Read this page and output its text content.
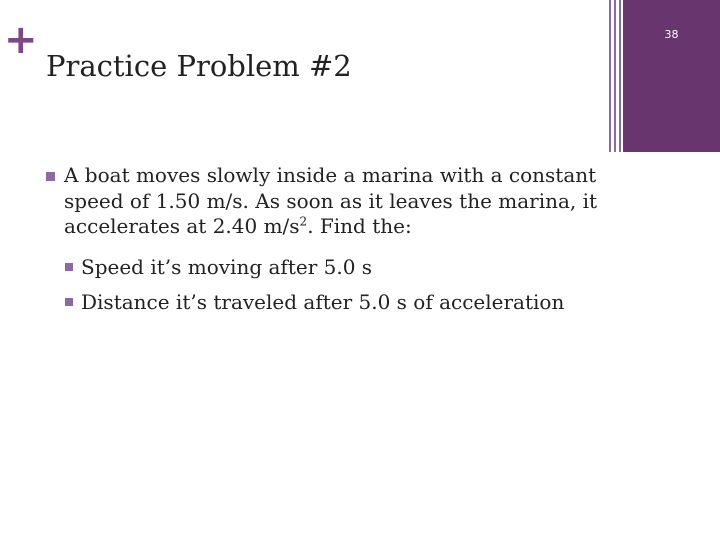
+
Practice Problem #2
38
A boat moves slowly inside a marina with a constant speed of 1.50 m/s. As soon as it leaves the marina, it accelerates at 2.40 $m/s^2$. Find the:
Speed it’s moving after 5.0 s
Distance it’s traveled after 5.0 s of acceleration
